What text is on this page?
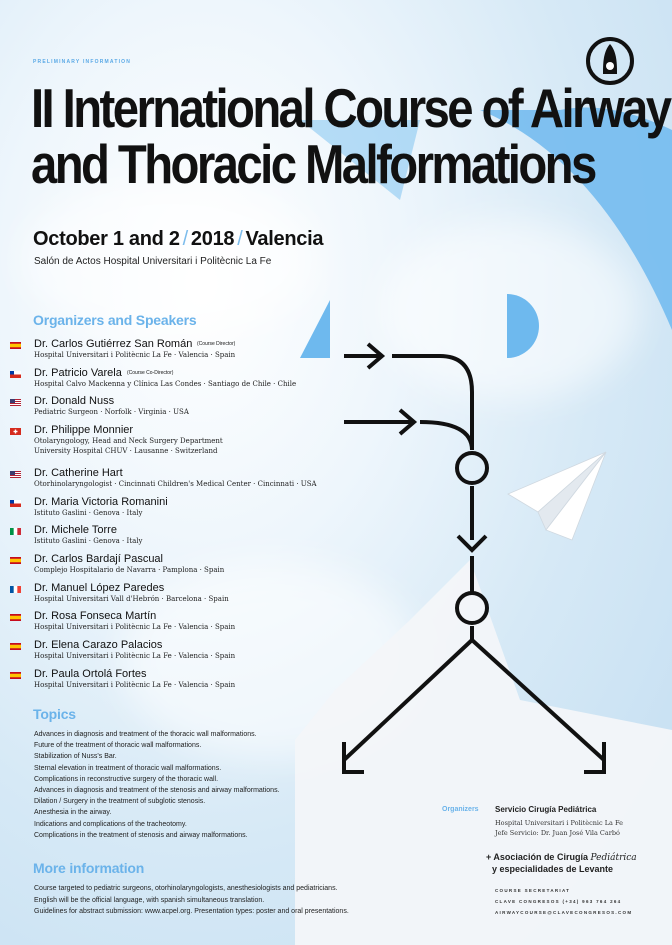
PRELIMINARY INFORMATION
II International Course of Airway
and Thoracic Malformations
October 1 and 2 / 2018 / Valencia
Salón de Actos Hospital Universitari i Politècnic La Fe
Organizers and Speakers
Dr. Carlos Gutiérrez San Román (Course Director)
Hospital Universitari i Politècnic La Fe · Valencia · Spain
Dr. Patricio Varela (Course Co-Director)
Hospital Calvo Mackenna y Clínica Las Condes · Santiago de Chile · Chile
Dr. Donald Nuss
Pediatric Surgeon · Norfolk · Virginia · USA
Dr. Philippe Monnier
Otolaryngology, Head and Neck Surgery Department
University Hospital CHUV · Lausanne · Switzerland
Dr. Catherine Hart
Otorhinolaryngologist · Cincinnati Children's Medical Center · Cincinnati · USA
Dr. Maria Victoria Romanini
Istituto Gaslini · Genova · Italy
Dr. Michele Torre
Istituto Gaslini · Genova · Italy
Dr. Carlos Bardají Pascual
Complejo Hospitalario de Navarra · Pamplona · Spain
Dr. Manuel López Paredes
Hospital Universitari Vall d'Hebrón · Barcelona · Spain
Dr. Rosa Fonseca Martín
Hospital Universitari i Politècnic La Fe · Valencia · Spain
Dr. Elena Carazo Palacios
Hospital Universitari i Politècnic La Fe · Valencia · Spain
Dr. Paula Ortolá Fortes
Hospital Universitari i Politècnic La Fe · Valencia · Spain
Topics
Advances in diagnosis and treatment of the thoracic wall malformations.
Future of the treatment of thoracic wall malformations.
Stabilization of Nuss's Bar.
Sternal elevation in treatment of thoracic wall malformations.
Complications in reconstructive surgery of the thoracic wall.
Advances in diagnosis and treatment of the stenosis and airway malformations.
Dilation / Surgery in the treatment of subglotic stenosis.
Anesthesia in the airway.
Indications and complications of the tracheotomy.
Complications in the treatment of stenosis and airway malformations.
More information
Course targeted to pediatric surgeons, otorhinolaryngologists, anesthesiologists and pediatricians.
English will be the official language, with spanish simultaneous translation.
Guidelines for abstract submission: www.acpel.org. Presentation types: poster and oral presentations.
Organizers Servicio Cirugía Pediátrica
Hospital Universitari i Politècnic La Fe
Jefe Servicio: Dr. Juan José Vila Carbó
+ Asociación de Cirugía Pediátrica
y especialidades de Levante
COURSE SECRETARIAT
CLAVE CONGRESOS (+34) 963 764 264
AIRWAYCOURSE@CLAVECONGRESOS.COM
